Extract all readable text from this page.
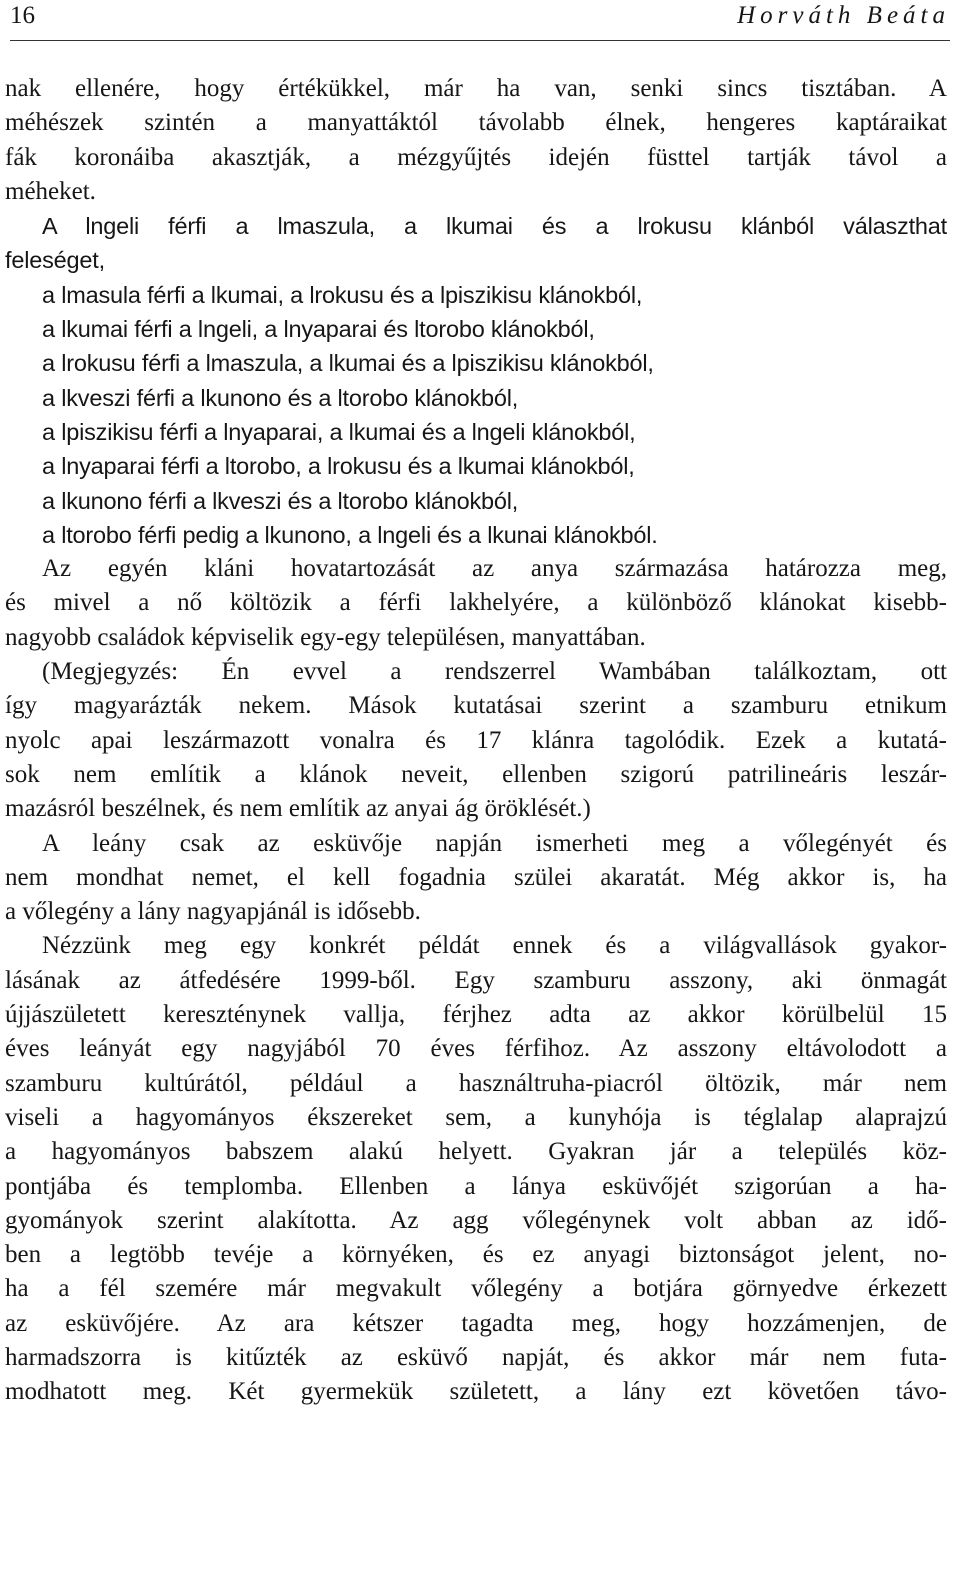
16	Horváth Beáta
nak ellenére, hogy értékükkel, már ha van, senki sincs tisztában. A
méhészek szintén a manyattáktól távolabb élnek, hengeres kaptáraikat
fák koronáiba akasztják, a mézgyűjtés idején füsttel tartják távol a
méheket.
A lngeli férfi a lmaszula, a lkumai és a lrokusu klánból választhat
feleséget,
a lmasula férfi a lkumai, a lrokusu és a lpiszikisu klánokból,
a lkumai férfi a lngeli, a lnyaparai és ltorobo klánokból,
a lrokusu férfi a lmaszula, a lkumai és a lpiszikisu klánokból,
a lkveszi férfi a lkunono és a ltorobo klánokból,
a lpiszikisu férfi a lnyaparai, a lkumai és a lngeli klánokból,
a lnyaparai férfi a ltorobo, a lrokusu és a lkumai klánokból,
a lkunono férfi a lkveszi és a ltorobo klánokból,
a ltorobo férfi pedig a lkunono, a lngeli és a lkunai klánokból.
Az egyén kláni hovatartozását az anya származása határozza meg,
és mivel a nő költözik a férfi lakhelyére, a különböző klánokat kisebb-
nagyobb családok képviselik egy-egy településen, manyattában.
(Megjegyzés: Én evvel a rendszerrel Wambában találkoztam, ott
így magyarázták nekem. Mások kutatásai szerint a szamburu etnikum
nyolc apai leszármazott vonalra és 17 klánra tagolódik. Ezek a kutatá-
sok nem említik a klánok neveit, ellenben szigorú patrilineáris leszár-
mazásról beszélnek, és nem említik az anyai ág öröklését.)
A leány csak az esküvője napján ismerheti meg a vőlegényét és
nem mondhat nemet, el kell fogadnia szülei akaratát. Még akkor is, ha
a vőlegény a lány nagyapjánál is idősebb.
Nézzünk meg egy konkrét példát ennek és a világvallások gyakor-
lásának az átfedésére 1999-ből. Egy szamburu asszony, aki önmagát
újjászületett kereszténynek vallja, férjhez adta az akkor körülbelül 15
éves leányát egy nagyjából 70 éves férfihoz. Az asszony eltávolodott a
szamburu kultúrától, például a használtruha-piacról öltözik, már nem
viseli a hagyományos ékszereket sem, a kunyhója is téglalap alaprajzú
a hagyományos babszem alakú helyett. Gyakran jár a település köz-
pontjába és templomba. Ellenben a lánya esküvőjét szigorúan a ha-
gyományok szerint alakította. Az agg vőlegénynek volt abban az idő-
ben a legtöbb tevéje a környéken, és ez anyagi biztonságot jelent, no-
ha a fél szemére már megvakult vőlegény a botjára görnyedve érkezett
az esküvőjére. Az ara kétszer tagadta meg, hogy hozzámenjen, de
harmadszorra is kitűzték az esküvő napját, és akkor már nem futa-
modhatott meg. Két gyermekük született, a lány ezt követően távo-
